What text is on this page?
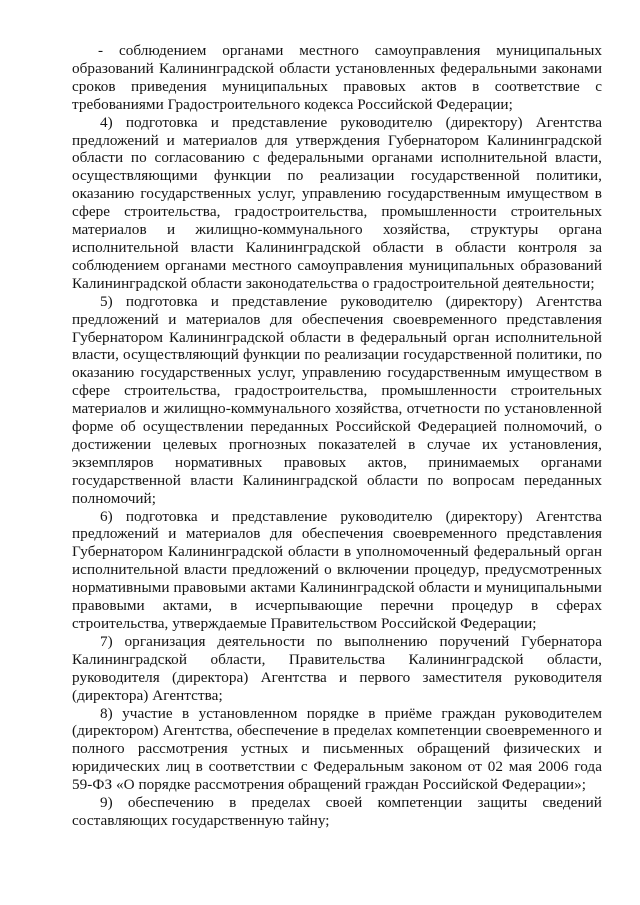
- соблюдением органами местного самоуправления муниципальных образований Калининградской области установленных федеральными законами сроков приведения муниципальных правовых актов в соответствие с требованиями Градостроительного кодекса Российской Федерации;

4) подготовка и представление руководителю (директору) Агентства предложений и материалов для утверждения Губернатором Калининградской области по согласованию с федеральными органами исполнительной власти, осуществляющими функции по реализации государственной политики, оказанию государственных услуг, управлению государственным имуществом в сфере строительства, градостроительства, промышленности строительных материалов и жилищно-коммунального хозяйства, структуры органа исполнительной власти Калининградской области в области контроля за соблюдением органами местного самоуправления муниципальных образований Калининградской области законодательства о градостроительной деятельности;

5) подготовка и представление руководителю (директору) Агентства предложений и материалов для обеспечения своевременного представления Губернатором Калининградской области в федеральный орган исполнительной власти, осуществляющий функции по реализации государственной политики, по оказанию государственных услуг, управлению государственным имуществом в сфере строительства, градостроительства, промышленности строительных материалов и жилищно-коммунального хозяйства, отчетности по установленной форме об осуществлении переданных Российской Федерацией полномочий, о достижении целевых прогнозных показателей в случае их установления, экземпляров нормативных правовых актов, принимаемых органами государственной власти Калининградской области по вопросам переданных полномочий;

6) подготовка и представление руководителю (директору) Агентства предложений и материалов для обеспечения своевременного представления Губернатором Калининградской области в уполномоченный федеральный орган исполнительной власти предложений о включении процедур, предусмотренных нормативными правовыми актами Калининградской области и муниципальными правовыми актами, в исчерпывающие перечни процедур в сферах строительства, утверждаемые Правительством Российской Федерации;

7) организация деятельности по выполнению поручений Губернатора Калининградской области, Правительства Калининградской области, руководителя (директора) Агентства и первого заместителя руководителя (директора) Агентства;

8) участие в установленном порядке в приёме граждан руководителем (директором) Агентства, обеспечение в пределах компетенции своевременного и полного рассмотрения устных и письменных обращений физических и юридических лиц в соответствии с Федеральным законом от 02 мая 2006 года 59-ФЗ «О порядке рассмотрения обращений граждан Российской Федерации»;

9) обеспечению в пределах своей компетенции защиты сведений составляющих государственную тайну;
